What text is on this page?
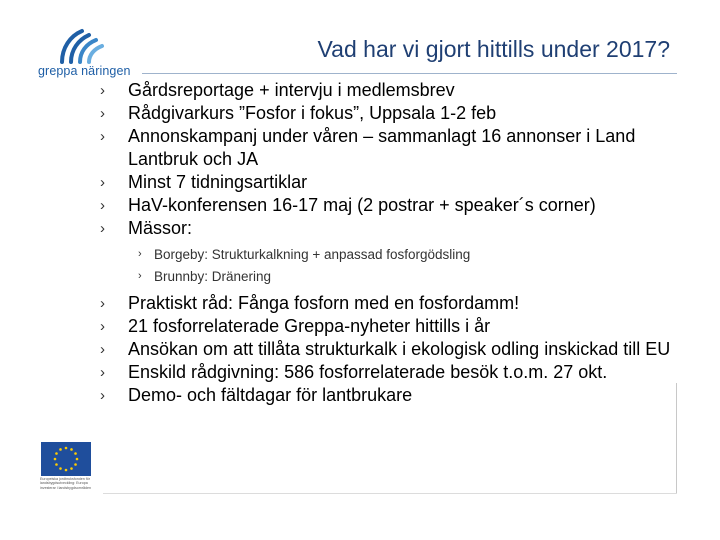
greppa näringen
Vad har vi gjort hittills under 2017?
› Gårdsreportage + intervju i medlemsbrev
› Rådgivarkurs ”Fosfor i fokus”, Uppsala 1-2 feb
› Annonskampanj under våren – sammanlagt 16 annonser i Land Lantbruk och JA
› Minst 7 tidningsartiklar
› HaV-konferensen 16-17 maj (2 postrar + speaker´s corner)
› Mässor:
› Borgeby: Strukturkalkning + anpassad fosforgödsling
› Brunnby: Dränering
› Praktiskt råd: Fånga fosforn med en fosfordamm!
› 21 fosforrelaterade Greppa-nyheter hittills i år
› Ansökan om att tillåta strukturkalk i ekologisk odling inskickad till EU
› Enskild rådgivning: 586 fosforrelaterade besök t.o.m. 27 okt.
› Demo- och fältdagar för lantbrukare
Europeiska jordbruksfonden för landsbygdsutveckling: Europa investerar i landsbygdsområden
